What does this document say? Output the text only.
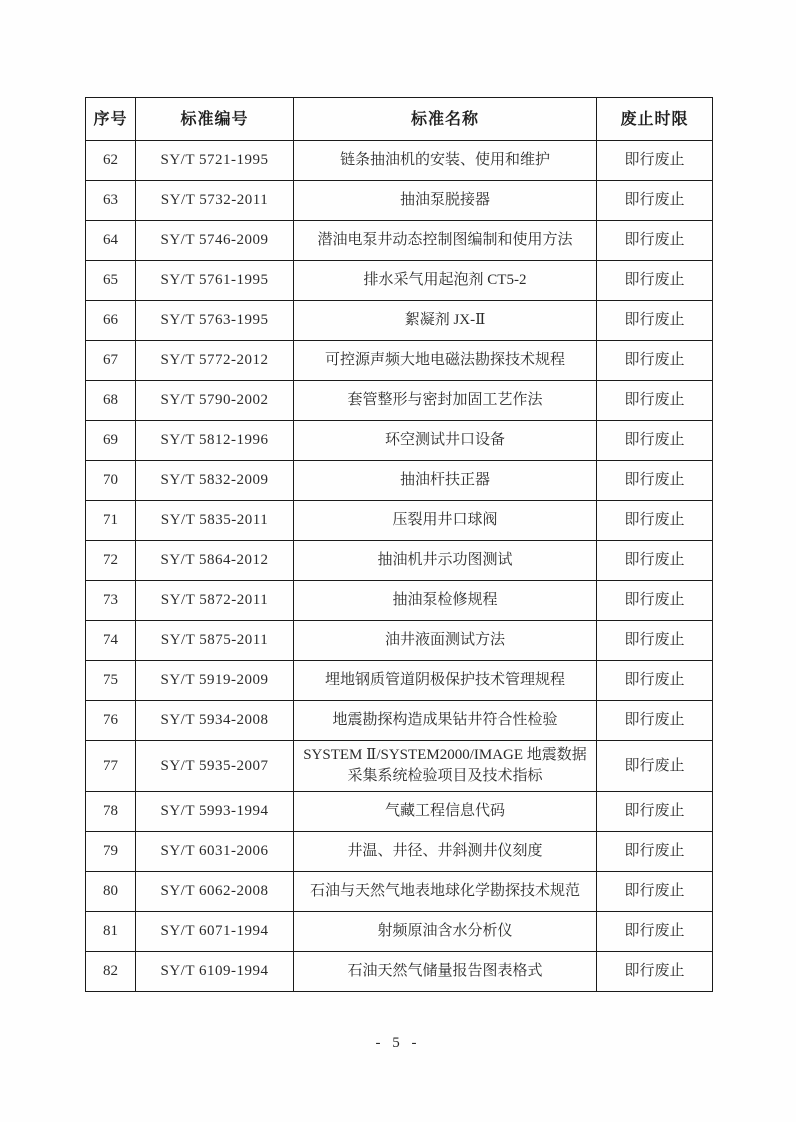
序号	标准编号	标准名称	废止时限
62	SY/T 5721-1995	链条抽油机的安装、使用和维护	即行废止
63	SY/T 5732-2011	抽油泵脱接器	即行废止
64	SY/T 5746-2009	潜油电泵井动态控制图编制和使用方法	即行废止
65	SY/T 5761-1995	排水采气用起泡剂 CT5-2	即行废止
66	SY/T 5763-1995	絮凝剂 JX-Ⅱ	即行废止
67	SY/T 5772-2012	可控源声频大地电磁法勘探技术规程	即行废止
68	SY/T 5790-2002	套管整形与密封加固工艺作法	即行废止
69	SY/T 5812-1996	环空测试井口设备	即行废止
70	SY/T 5832-2009	抽油杆扶正器	即行废止
71	SY/T 5835-2011	压裂用井口球阀	即行废止
72	SY/T 5864-2012	抽油机井示功图测试	即行废止
73	SY/T 5872-2011	抽油泵检修规程	即行废止
74	SY/T 5875-2011	油井液面测试方法	即行废止
75	SY/T 5919-2009	埋地钢质管道阴极保护技术管理规程	即行废止
76	SY/T 5934-2008	地震勘探构造成果钻井符合性检验	即行废止
77	SY/T 5935-2007	SYSTEM Ⅱ/SYSTEM2000/IMAGE 地震数据采集系统检验项目及技术指标	即行废止
78	SY/T 5993-1994	气藏工程信息代码	即行废止
79	SY/T 6031-2006	井温、井径、井斜测井仪刻度	即行废止
80	SY/T 6062-2008	石油与天然气地表地球化学勘探技术规范	即行废止
81	SY/T 6071-1994	射频原油含水分析仪	即行废止
82	SY/T 6109-1994	石油天然气储量报告图表格式	即行废止
- 5 -
